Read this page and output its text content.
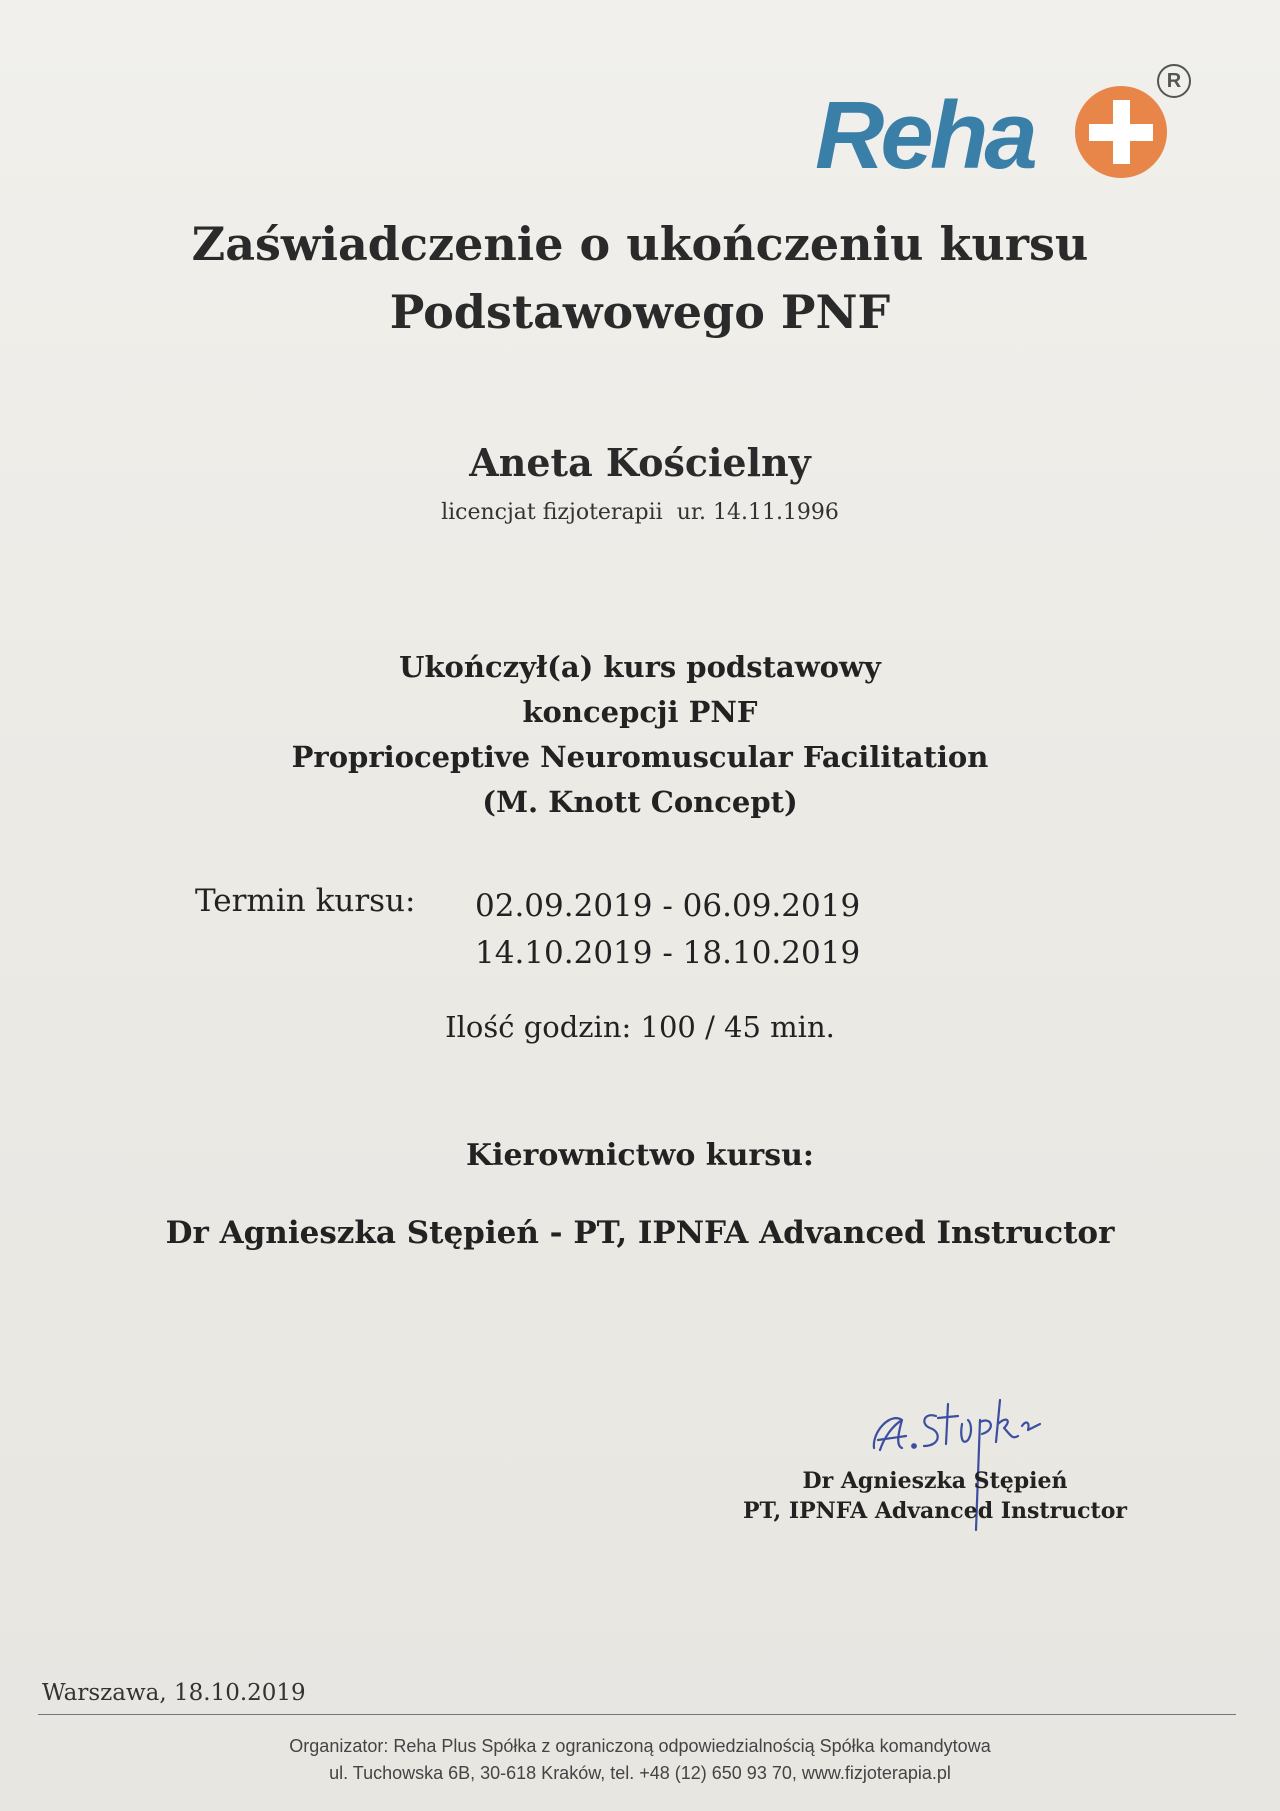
Reha
R
Zaświadczenie o ukończeniu kursu
Podstawowego PNF
Aneta Kościelny
licencjat fizjoterapii  ur. 14.11.1996
Ukończył(a) kurs podstawowy
koncepcji PNF
Proprioceptive Neuromuscular Facilitation
(M. Knott Concept)
Termin kursu: 02.09.2019 - 06.09.2019
14.10.2019 - 18.10.2019
Ilość godzin: 100 / 45 min.
Kierownictwo kursu:
Dr Agnieszka Stępień - PT, IPNFA Advanced Instructor
Dr Agnieszka Stępień
PT, IPNFA Advanced Instructor
Warszawa, 18.10.2019
Organizator: Reha Plus Spółka z ograniczoną odpowiedzialnością Spółka komandytowa
ul. Tuchowska 6B, 30-618 Kraków, tel. +48 (12) 650 93 70, www.fizjoterapia.pl
